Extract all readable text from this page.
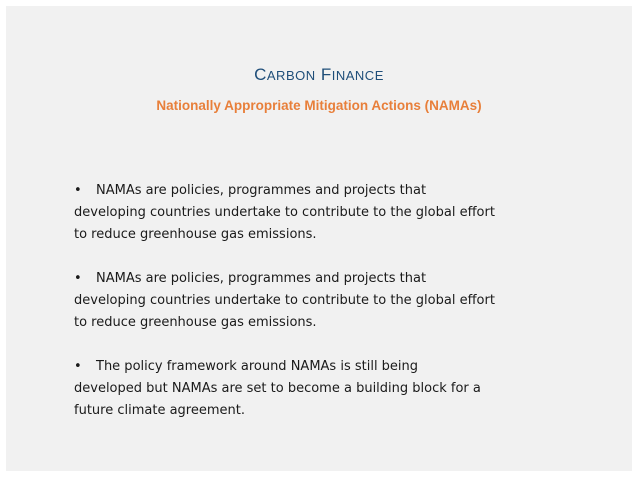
CARBON FINANCE
Nationally Appropriate Mitigation Actions (NAMAs)

• NAMAs are policies, programmes and projects that
developing countries undertake to contribute to the global effort
to reduce greenhouse gas emissions.

• NAMAs are policies, programmes and projects that
developing countries undertake to contribute to the global effort
to reduce greenhouse gas emissions.

• The policy framework around NAMAs is still being
developed but NAMAs are set to become a building block for a
future climate agreement.
